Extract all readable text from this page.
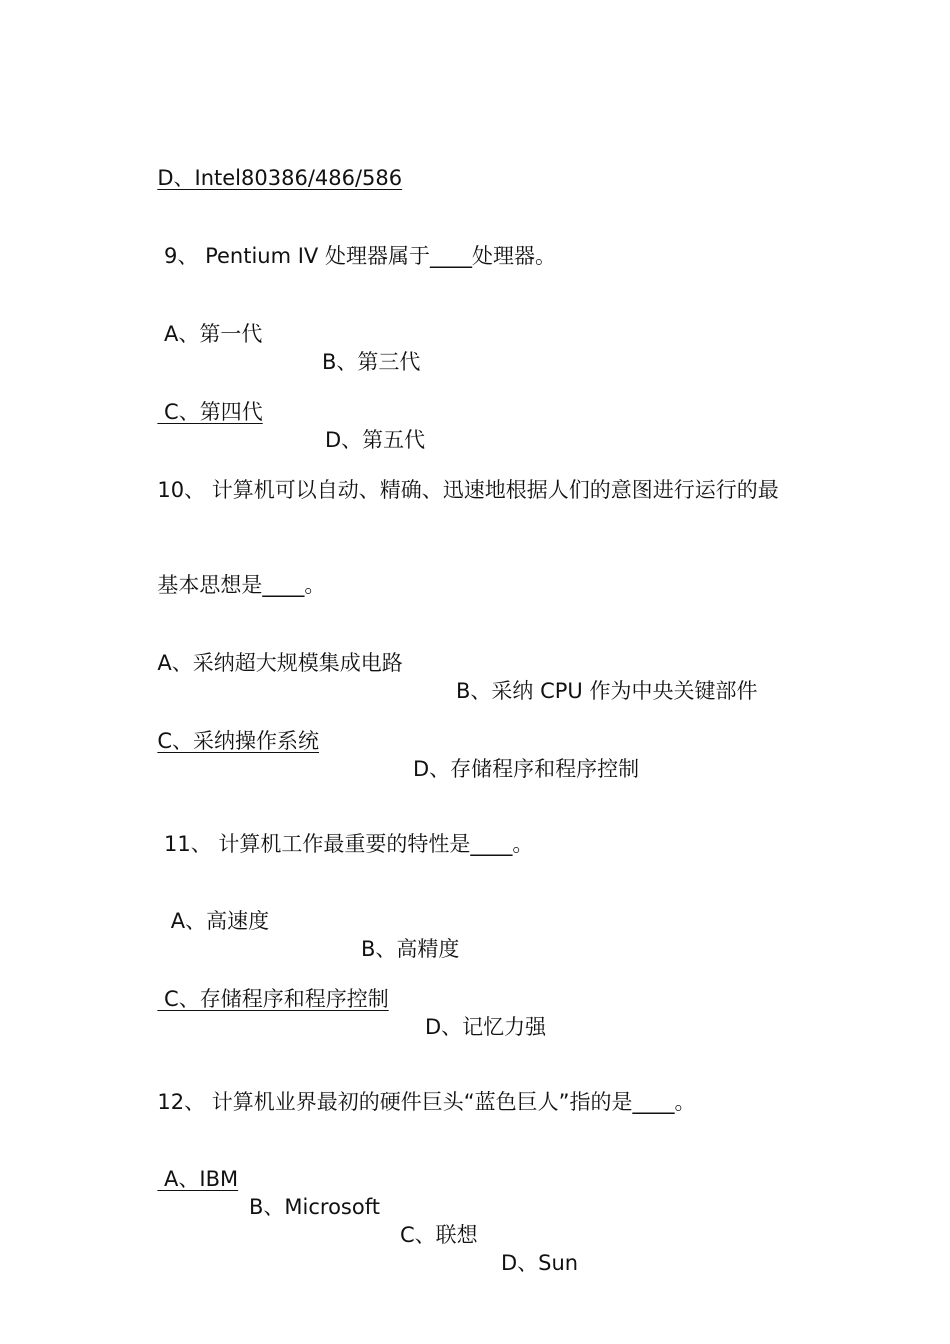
D、Intel80386/486/586

9、 Pentium IV 处理器属于____处理器。

A、第一代

B、第三代

C、第四代

D、第五代

10、 计算机可以自动、精确、迅速地根据人们的意图进行运行的最

基本思想是____。

A、采纳超大规模集成电路

B、采纳 CPU 作为中央关键部件

C、采纳操作系统

D、存储程序和程序控制

11、 计算机工作最重要的特性是____。

A、高速度

B、高精度

C、存储程序和程序控制

D、记忆力强

12、 计算机业界最初的硬件巨头“蓝色巨人”指的是____。

A、IBM

B、Microsoft

C、联想

D、Sun
